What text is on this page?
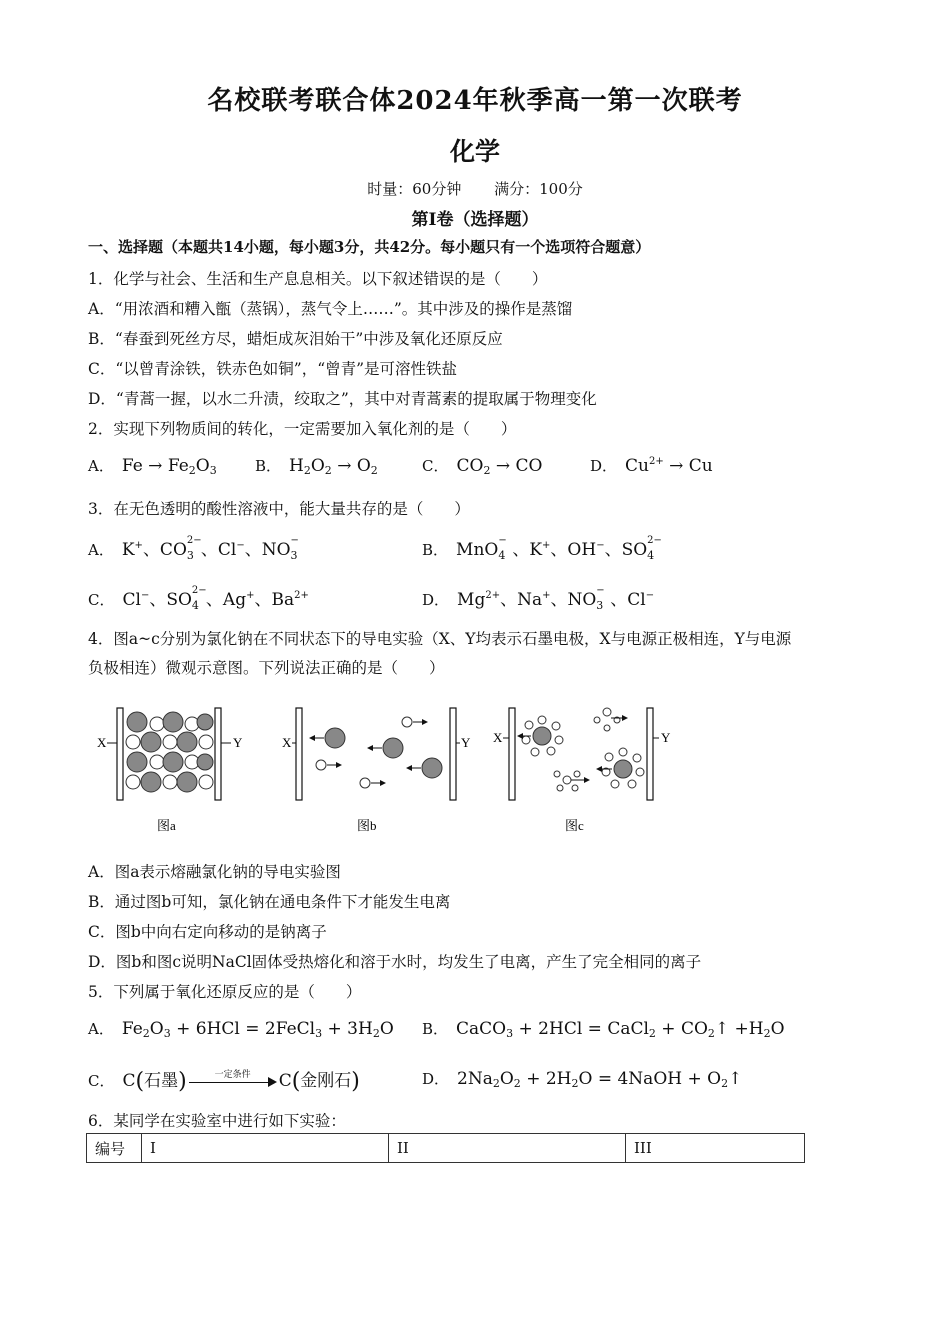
名校联考联合体2024年秋季高一第一次联考
化学
时量：60分钟 满分：100分
第Ⅰ卷（选择题）
一、选择题（本题共14小题，每小题3分，共42分。每小题只有一个选项符合题意）
1．化学与社会、生活和生产息息相关。以下叙述错误的是（　　）
A．“用浓酒和糟入甑（蒸锅），蒸气令上……”。其中涉及的操作是蒸馏
B．“春蚕到死丝方尽，蜡炬成灰泪始干”中涉及氧化还原反应
C．“以曾青涂铁，铁赤色如铜”，“曾青”是可溶性铁盐
D．“青蒿一握，以水二升渍，绞取之”，其中对青蒿素的提取属于物理变化
2．实现下列物质间的转化，一定需要加入氧化剂的是（　　）
A． $Fe \to Fe_2O_3$	B． $H_2O_2 \to O_2$	C． $CO_2$ → CO	D． $Cu^{2+} \to Cu$
3．在无色透明的酸性溶液中，能大量共存的是（　　）
A． K+、CO 2−
3 、Cl−、NO −
3	B． MnO −
4 、K+、OH−、SO 2−
4
C． Cl−、SO 2−
4 、Ag+、$Ba^{2+}$	D． $Mg^{2+}$、Na+、NO −
3 、Cl−
4．图a~c分别为氯化钠在不同状态下的导电实验（X、Y均表示石墨电极，X与电源正极相连，Y与电源
负极相连）微观示意图。下列说法正确的是（　　）
X	Y
图a
X	Y
图b
X	Y
图c
A．图a表示熔融氯化钠的导电实验图
B．通过图b可知，氯化钠在通电条件下才能发生电离
C．图b中向右定向移动的是钠离子
D．图b和图c说明NaCl固体受热熔化和溶于水时，均发生了电离，产生了完全相同的离子
5．下列属于氧化还原反应的是（　　）
A． $Fe_2O_3 + 6HCl$ = 2FeCl$_3$ + $3H_2O$ B． CaCO$_3$ + 2HCl = CaCl$_2$ + $CO_2↑ +H_2O$
C． C(石墨)	一定条件	C(金刚石)	D． $2Na_2O_2 + 2H_2O$ = 4NaOH + $O_2↑$
6．某同学在实验室中进行如下实验：
编号	I	II	III
